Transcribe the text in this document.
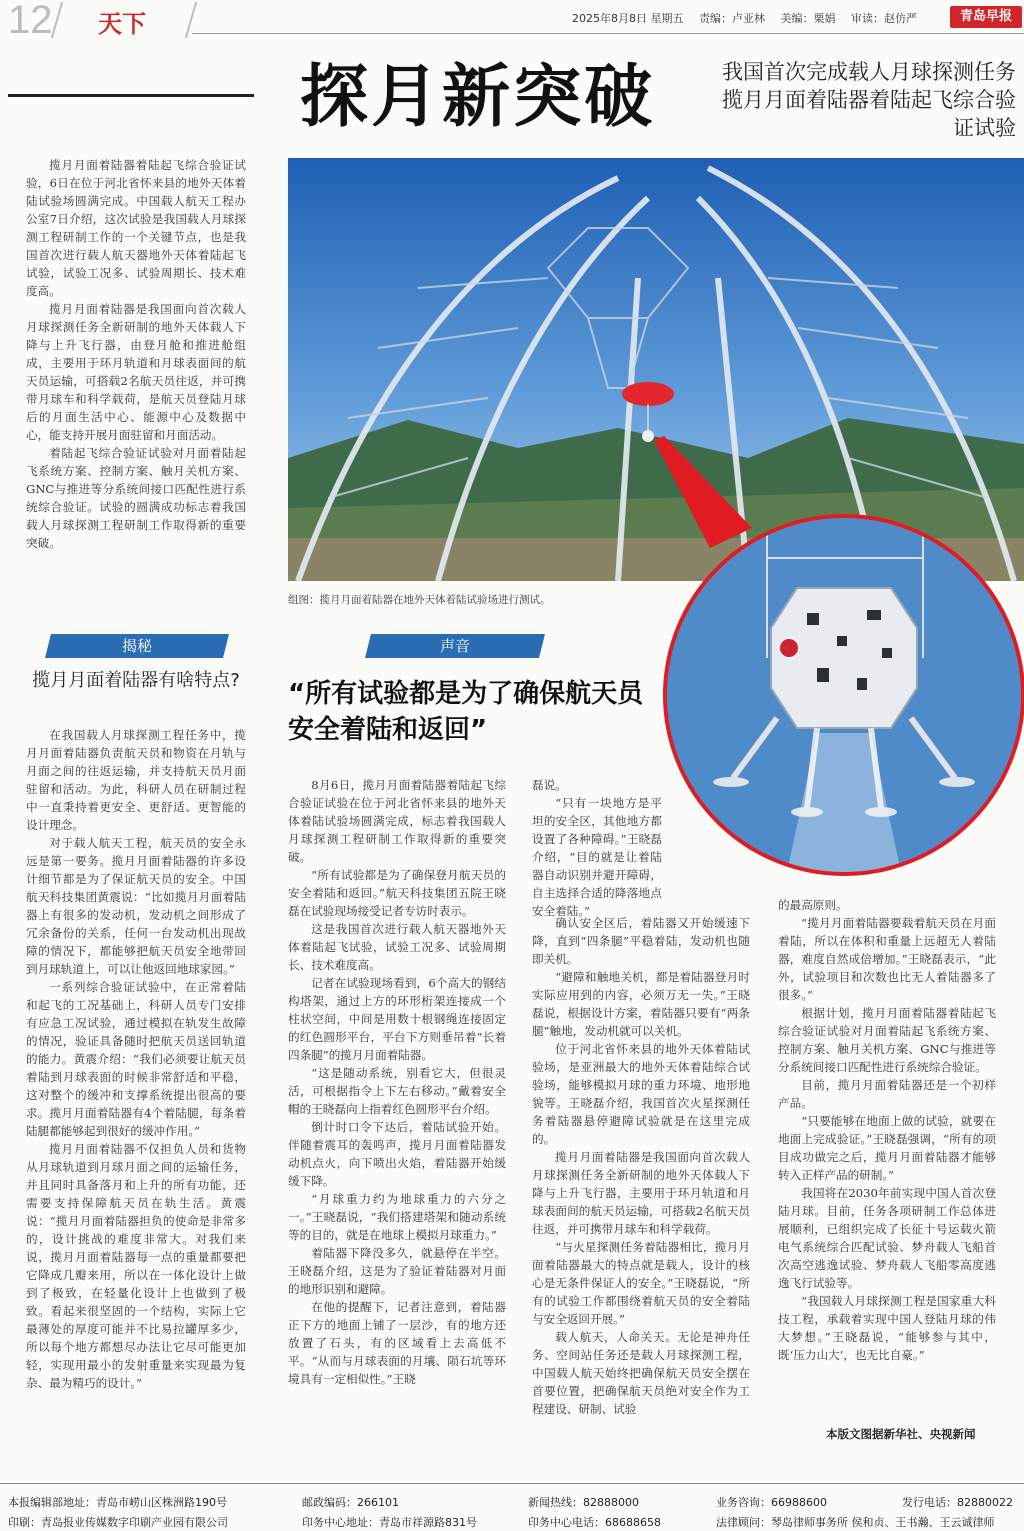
12 天下	2025年8月8日 星期五 责编：卢亚林 美编：栗娟 审读：赵仿严	青岛早报
探月新突破	我国首次完成载人月球探测任务揽月月面着陆器着陆起飞综合验证试验

揽月月面着陆器着陆起飞综合验证试验，6日在位于河北省怀来县的地外天体着陆试验场圆满完成。中国载人航天工程办公室7日介绍，这次试验是我国载人月球探测工程研制工作的一个关键节点，也是我国首次进行载人航天器地外天体着陆起飞试验，试验工况多、试验周期长、技术难度高。

揽月月面着陆器是我国面向首次载人月球探测任务全新研制的地外天体载人下降与上升飞行器，由登月舱和推进舱组成，主要用于环月轨道和月球表面间的航天员运输，可搭载2名航天员往返，并可携带月球车和科学载荷，是航天员登陆月球后的月面生活中心、能源中心及数据中心，能支持开展月面驻留和月面活动。

着陆起飞综合验证试验对月面着陆起飞系统方案、控制方案、触月关机方案、GNC与推进等分系统间接口匹配性进行系统综合验证。试验的圆满成功标志着我国载人月球探测工程研制工作取得新的重要突破。

揭秘
揽月月面着陆器有啥特点?

在我国载人月球探测工程任务中，揽月月面着陆器负责航天员和物资在月轨与月面之间的往返运输，并支持航天员月面驻留和活动。为此，科研人员在研制过程中一直秉持着更安全、更舒适、更智能的设计理念。

对于载人航天工程，航天员的安全永远是第一要务。揽月月面着陆器的许多设计细节都是为了保证航天员的安全。中国航天科技集团黄震说：“比如揽月月面着陆器上有很多的发动机，发动机之间形成了冗余备份的关系，任何一台发动机出现故障的情况下，都能够把航天员安全地带回到月球轨道上，可以让他返回地球家园。”

一系列综合验证试验中，在正常着陆和起飞的工况基础上，科研人员专门安排有应急工况试验，通过模拟在轨发生故障的情况，验证具备随时把航天员送回轨道的能力。黄震介绍：“我们必须要让航天员着陆到月球表面的时候非常舒适和平稳，这对整个的缓冲和支撑系统提出很高的要求。揽月月面着陆器有4个着陆腿，每条着陆腿都能够起到很好的缓冲作用。”

揽月月面着陆器不仅担负人员和货物从月球轨道到月球月面之间的运输任务，并且同时具备落月和上升的所有功能，还需要支持保障航天员在轨生活。黄震说：“揽月月面着陆器担负的使命是非常多的，设计挑战的难度非常大。对我们来说，揽月月面着陆器每一点的重量都要把它降成几瓣来用，所以在一体化设计上做到了极致，在轻量化设计上也做到了极致。看起来很坚固的一个结构，实际上它最薄处的厚度可能并不比易拉罐厚多少，所以每个地方都想尽办法让它尽可能更加轻，实现用最小的发射重量来实现最为复杂、最为精巧的设计。”

组图：揽月月面着陆器在地外天体着陆试验场进行测试。
声音
“所有试验都是为了确保航天员安全着陆和返回”

8月6日，揽月月面着陆器着陆起飞综合验证试验在位于河北省怀来县的地外天体着陆试验场圆满完成，标志着我国载人月球探测工程研制工作取得新的重要突破。

“所有试验都是为了确保登月航天员的安全着陆和返回。”航天科技集团五院王晓磊在试验现场接受记者专访时表示。

这是我国首次进行载人航天器地外天体着陆起飞试验，试验工况多、试验周期长、技术难度高。

记者在试验现场看到，6个高大的钢结构塔架，通过上方的环形桁架连接成一个柱状空间，中间是用数十根钢绳连接固定的红色圆形平台，平台下方则垂吊着“长着四条腿”的揽月月面着陆器。

“这是随动系统，别看它大，但很灵活，可根据指令上下左右移动。”戴着安全帽的王晓磊向上指着红色圆形平台介绍。

倒计时口令下达后，着陆试验开始。伴随着震耳的轰鸣声，揽月月面着陆器发动机点火，向下喷出火焰，着陆器开始缓缓下降。

“月球重力约为地球重力的六分之一。”王晓磊说，“我们搭建塔架和随动系统等的目的，就是在地球上模拟月球重力。”

着陆器下降没多久，就悬停在半空。王晓磊介绍，这是为了验证着陆器对月面的地形识别和避障。

在他的提醒下，记者注意到，着陆器正下方的地面上铺了一层沙，有的地方还放置了石头，有的区域看上去高低不平。“从而与月球表面的月壤、陨石坑等环境具有一定相似性。”王晓

磊说。

“只有一块地方是平坦的安全区，其他地方都设置了各种障碍。”王晓磊介绍，“目的就是让着陆器自动识别并避开障碍，自主选择合适的降落地点安全着陆。”

确认安全区后，着陆器又开始缓速下降，直到“四条腿”平稳着陆，发动机也随即关机。

“避障和触地关机，都是着陆器登月时实际应用到的内容，必须万无一失。”王晓磊说，根据设计方案，着陆器只要有“两条腿”触地，发动机就可以关机。

位于河北省怀来县的地外天体着陆试验场，是亚洲最大的地外天体着陆综合试验场，能够模拟月球的重力环境、地形地貌等。王晓磊介绍，我国首次火星探测任务着陆器悬停避障试验就是在这里完成的。

揽月月面着陆器是我国面向首次载人月球探测任务全新研制的地外天体载人下降与上升飞行器，主要用于环月轨道和月球表面间的航天员运输，可搭载2名航天员往返，并可携带月球车和科学载荷。

“与火星探测任务着陆器相比，揽月月面着陆器最大的特点就是载人，设计的核心是无条件保证人的安全。”王晓磊说，“所有的试验工作都围绕着航天员的安全着陆与安全返回开展。”

载人航天，人命关天。无论是神舟任务、空间站任务还是载人月球探测工程，中国载人航天始终把确保航天员安全摆在首要位置，把确保航天员绝对安全作为工程建设、研制、试验

的最高原则。

“揽月月面着陆器要载着航天员在月面着陆，所以在体积和重量上远超无人着陆器，难度自然成倍增加。”王晓磊表示，“此外，试验项目和次数也比无人着陆器多了很多。”

根据计划，揽月月面着陆器着陆起飞综合验证试验对月面着陆起飞系统方案、控制方案、触月关机方案、GNC与推进等分系统间接口匹配性进行系统综合验证。

目前，揽月月面着陆器还是一个初样产品。

“只要能够在地面上做的试验，就要在地面上完成验证。”王晓磊强调，“所有的项目成功做完之后，揽月月面着陆器才能够转入正样产品的研制。”

我国将在2030年前实现中国人首次登陆月球。目前，任务各项研制工作总体进展顺利，已组织完成了长征十号运载火箭电气系统综合匹配试验、梦舟载人飞船首次高空逃逸试验、梦舟载人飞船零高度逃逸飞行试验等。

“我国载人月球探测工程是国家重大科技工程，承载着实现中国人登陆月球的伟大梦想。”王晓磊说，“能够参与其中，既‘压力山大’，也无比自豪。”

本版文图据新华社、央视新闻
本报编辑部地址：青岛市崂山区株洲路190号	邮政编码：266101	新闻热线：82888000	业务咨询：66988600	发行电话：82880022
印刷：青岛报业传媒数字印刷产业园有限公司	印务中心地址：青岛市祥源路831号	印务中心电话：68688658	法律顾问：琴岛律师事务所 侯和贞、王书瀚、王云诚律师
